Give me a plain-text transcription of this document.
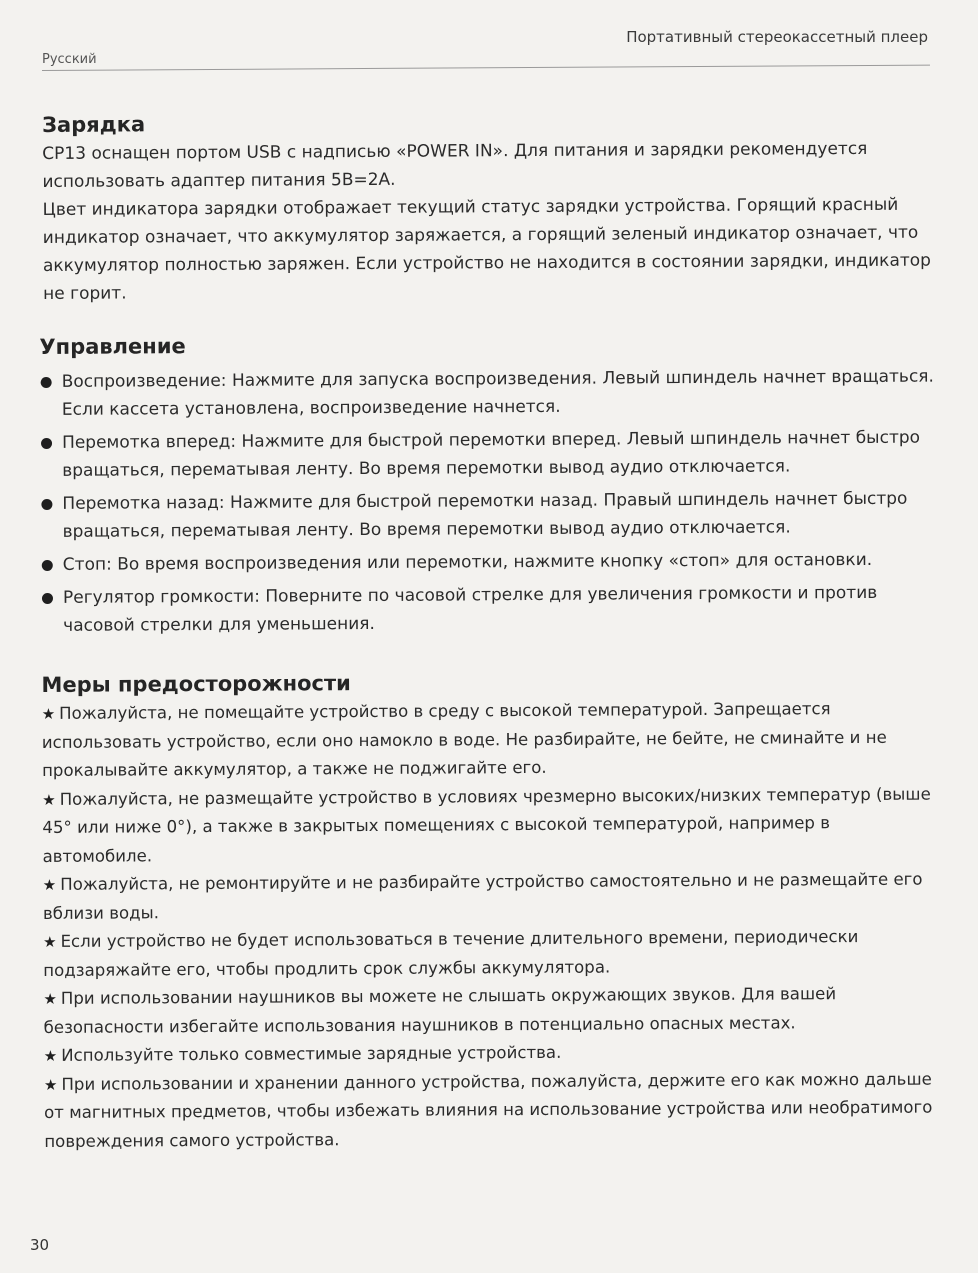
Русский
Портативный стереокассетный плеер
Зарядка

CP13 оснащен портом USB с надписью «POWER IN». Для питания и зарядки рекомендуется использовать адаптер питания 5В=2А.

Цвет индикатора зарядки отображает текущий статус зарядки устройства. Горящий красный индикатор означает, что аккумулятор заряжается, а горящий зеленый индикатор означает, что аккумулятор полностью заряжен. Если устройство не находится в состоянии зарядки, индикатор не горит.

Управление
Воспроизведение: Нажмите для запуска воспроизведения. Левый шпиндель начнет вращаться. Если кассета установлена, воспроизведение начнется.
Перемотка вперед: Нажмите для быстрой перемотки вперед. Левый шпиндель начнет быстро вращаться, перематывая ленту. Во время перемотки вывод аудио отключается.
Перемотка назад: Нажмите для быстрой перемотки назад. Правый шпиндель начнет быстро вращаться, перематывая ленту. Во время перемотки вывод аудио отключается.
Стоп: Во время воспроизведения или перемотки, нажмите кнопку «стоп» для остановки.
Регулятор громкости: Поверните по часовой стрелке для увеличения громкости и против часовой стрелки для уменьшения.
Меры предосторожности
★ Пожалуйста, не помещайте устройство в среду с высокой температурой. Запрещается использовать устройство, если оно намокло в воде. Не разбирайте, не бейте, не сминайте и не прокалывайте аккумулятор, а также не поджигайте его.
★ Пожалуйста, не размещайте устройство в условиях чрезмерно высоких/низких температур (выше 45° или ниже 0°), а также в закрытых помещениях с высокой температурой, например в автомобиле.
★ Пожалуйста, не ремонтируйте и не разбирайте устройство самостоятельно и не размещайте его вблизи воды.
★ Если устройство не будет использоваться в течение длительного времени, периодически подзаряжайте его, чтобы продлить срок службы аккумулятора.
★ При использовании наушников вы можете не слышать окружающих звуков. Для вашей безопасности избегайте использования наушников в потенциально опасных местах.
★ Используйте только совместимые зарядные устройства.
★ При использовании и хранении данного устройства, пожалуйста, держите его как можно дальше от магнитных предметов, чтобы избежать влияния на использование устройства или необратимого повреждения самого устройства.
30
